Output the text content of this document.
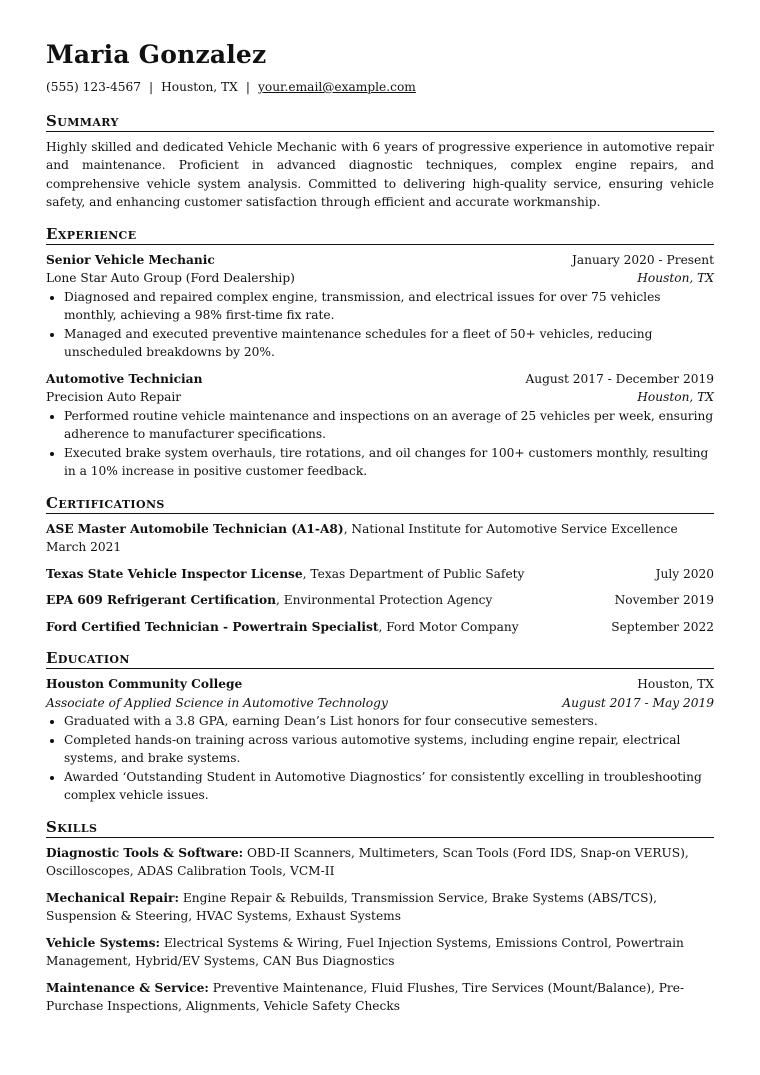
Maria Gonzalez
(555) 123-4567 | Houston, TX | your.email@example.com
Summary
Highly skilled and dedicated Vehicle Mechanic with 6 years of progressive experience in automotive repair and maintenance. Proficient in advanced diagnostic techniques, complex engine repairs, and comprehensive vehicle system analysis. Committed to delivering high-quality service, ensuring vehicle safety, and enhancing customer satisfaction through efficient and accurate workmanship.
Experience
Senior Vehicle Mechanic	January 2020 - Present
Lone Star Auto Group (Ford Dealership)	Houston, TX
• Diagnosed and repaired complex engine, transmission, and electrical issues for over 75 vehicles monthly, achieving a 98% first-time fix rate.
• Managed and executed preventive maintenance schedules for a fleet of 50+ vehicles, reducing unscheduled breakdowns by 20%.
Automotive Technician	August 2017 - December 2019
Precision Auto Repair	Houston, TX
• Performed routine vehicle maintenance and inspections on an average of 25 vehicles per week, ensuring adherence to manufacturer specifications.
• Executed brake system overhauls, tire rotations, and oil changes for 100+ customers monthly, resulting in a 10% increase in positive customer feedback.
Certifications
ASE Master Automobile Technician (A1-A8), National Institute for Automotive Service Excellence
March 2021
Texas State Vehicle Inspector License, Texas Department of Public Safety	July 2020
EPA 609 Refrigerant Certification, Environmental Protection Agency	November 2019
Ford Certified Technician - Powertrain Specialist, Ford Motor Company	September 2022
Education
Houston Community College	Houston, TX
Associate of Applied Science in Automotive Technology	August 2017 - May 2019
• Graduated with a 3.8 GPA, earning Dean’s List honors for four consecutive semesters.
• Completed hands-on training across various automotive systems, including engine repair, electrical systems, and brake systems.
• Awarded ‘Outstanding Student in Automotive Diagnostics’ for consistently excelling in troubleshooting complex vehicle issues.
Skills
Diagnostic Tools & Software: OBD-II Scanners, Multimeters, Scan Tools (Ford IDS, Snap-on VERUS), Oscilloscopes, ADAS Calibration Tools, VCM-II
Mechanical Repair: Engine Repair & Rebuilds, Transmission Service, Brake Systems (ABS/TCS), Suspension & Steering, HVAC Systems, Exhaust Systems
Vehicle Systems: Electrical Systems & Wiring, Fuel Injection Systems, Emissions Control, Powertrain Management, Hybrid/EV Systems, CAN Bus Diagnostics
Maintenance & Service: Preventive Maintenance, Fluid Flushes, Tire Services (Mount/Balance), Pre-Purchase Inspections, Alignments, Vehicle Safety Checks
